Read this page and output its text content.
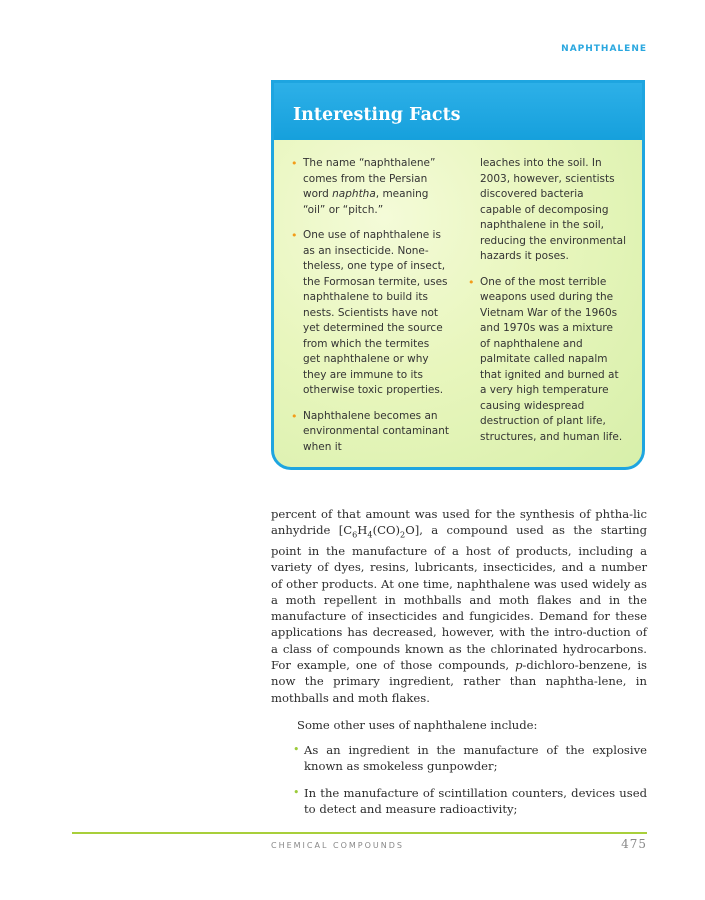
NAPHTHALENE
Interesting Facts

• The name “naphthalene” comes from the Persian word naphtha, meaning “oil” or “pitch.”

• One use of naphthalene is as an insecticide. None-theless, one type of insect, the Formosan termite, uses naphthalene to build its nests. Scientists have not yet determined the source from which the termites get naphthalene or why they are immune to its otherwise toxic properties.

• Naphthalene becomes an environmental contaminant when it

leaches into the soil. In 2003, however, scientists discovered bacteria capable of decomposing naphthalene in the soil, reducing the environmental hazards it poses.

• One of the most terrible weapons used during the Vietnam War of the 1960s and 1970s was a mixture of naphthalene and palmitate called napalm that ignited and burned at a very high temperature causing widespread destruction of plant life, structures, and human life.

percent of that amount was used for the synthesis of phtha-lic anhydride $[C_6H_4(CO)_2O]$, a compound used as the starting point in the manufacture of a host of products, including a variety of dyes, resins, lubricants, insecticides, and a number of other products. At one time, naphthalene was used widely as a moth repellent in mothballs and moth flakes and in the manufacture of insecticides and fungicides. Demand for these applications has decreased, however, with the intro-duction of a class of compounds known as the chlorinated hydrocarbons. For example, one of those compounds, p-dichloro-benzene, is now the primary ingredient, rather than naphtha-lene, in mothballs and moth flakes.

Some other uses of naphthalene include:

• As an ingredient in the manufacture of the explosive known as smokeless gunpowder;
• In the manufacture of scintillation counters, devices used to detect and measure radioactivity;
CHEMICAL COMPOUNDS	475
